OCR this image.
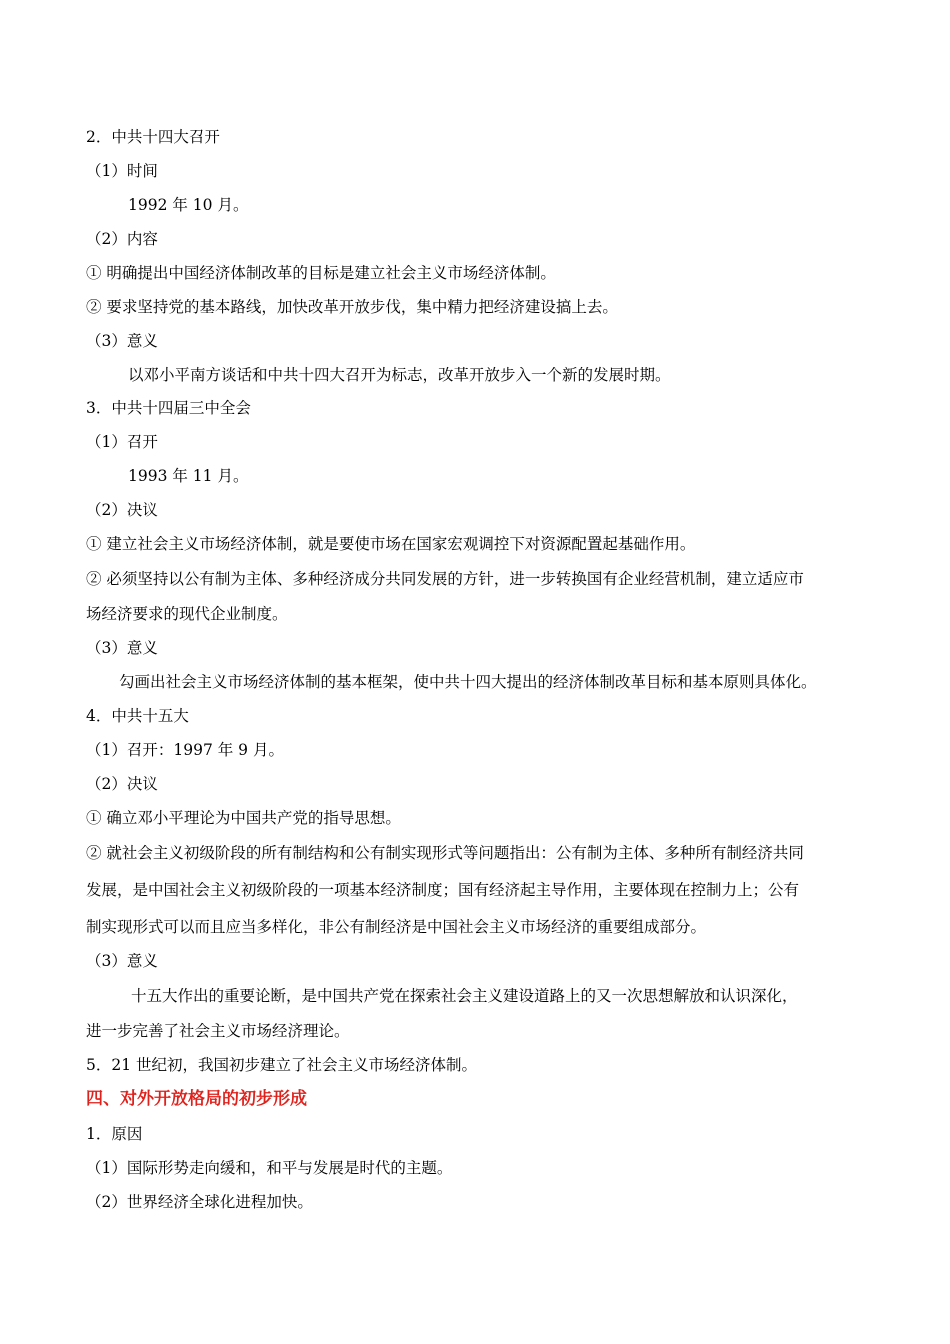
2．中共十四大召开
（1）时间
1992 年 10 月。
（2）内容
① 明确提出中国经济体制改革的目标是建立社会主义市场经济体制。
② 要求坚持党的基本路线，加快改革开放步伐，集中精力把经济建设搞上去。
（3）意义
以邓小平南方谈话和中共十四大召开为标志，改革开放步入一个新的发展时期。
3．中共十四届三中全会
（1）召开
1993 年 11 月。
（2）决议
① 建立社会主义市场经济体制，就是要使市场在国家宏观调控下对资源配置起基础作用。
② 必须坚持以公有制为主体、多种经济成分共同发展的方针，进一步转换国有企业经营机制，建立适应市
场经济要求的现代企业制度。
（3）意义
勾画出社会主义市场经济体制的基本框架，使中共十四大提出的经济体制改革目标和基本原则具体化。
4．中共十五大
（1）召开：1997 年 9 月。
（2）决议
① 确立邓小平理论为中国共产党的指导思想。
② 就社会主义初级阶段的所有制结构和公有制实现形式等问题指出：公有制为主体、多种所有制经济共同
发展，是中国社会主义初级阶段的一项基本经济制度；国有经济起主导作用，主要体现在控制力上；公有
制实现形式可以而且应当多样化，非公有制经济是中国社会主义市场经济的重要组成部分。
（3）意义
十五大作出的重要论断，是中国共产党在探索社会主义建设道路上的又一次思想解放和认识深化，
进一步完善了社会主义市场经济理论。
5．21 世纪初，我国初步建立了社会主义市场经济体制。
四、对外开放格局的初步形成
1．原因
（1）国际形势走向缓和，和平与发展是时代的主题。
（2）世界经济全球化进程加快。
